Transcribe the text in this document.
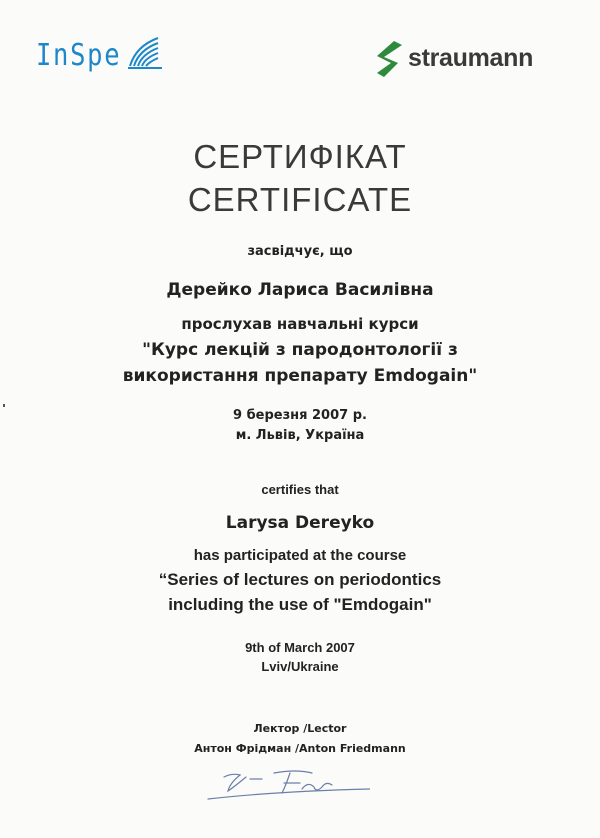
InSpe	straumann
СЕРТИФІКАТ
CERTIFICATE
засвідчує, що
Дерейко Лариса Василівна
прослухав навчальні курси
"Курс лекцій з пародонтології з
використання препарату Emdogain"
9 березня 2007 р.
м. Львів, Україна
certifies that
Larysa Dereyko
has participated at the course
“Series of lectures on periodontics
including the use of "Emdogain"
9th of March 2007
Lviv/Ukraine
Лектор /Lector
Антон Фрідман /Anton Friedmann
